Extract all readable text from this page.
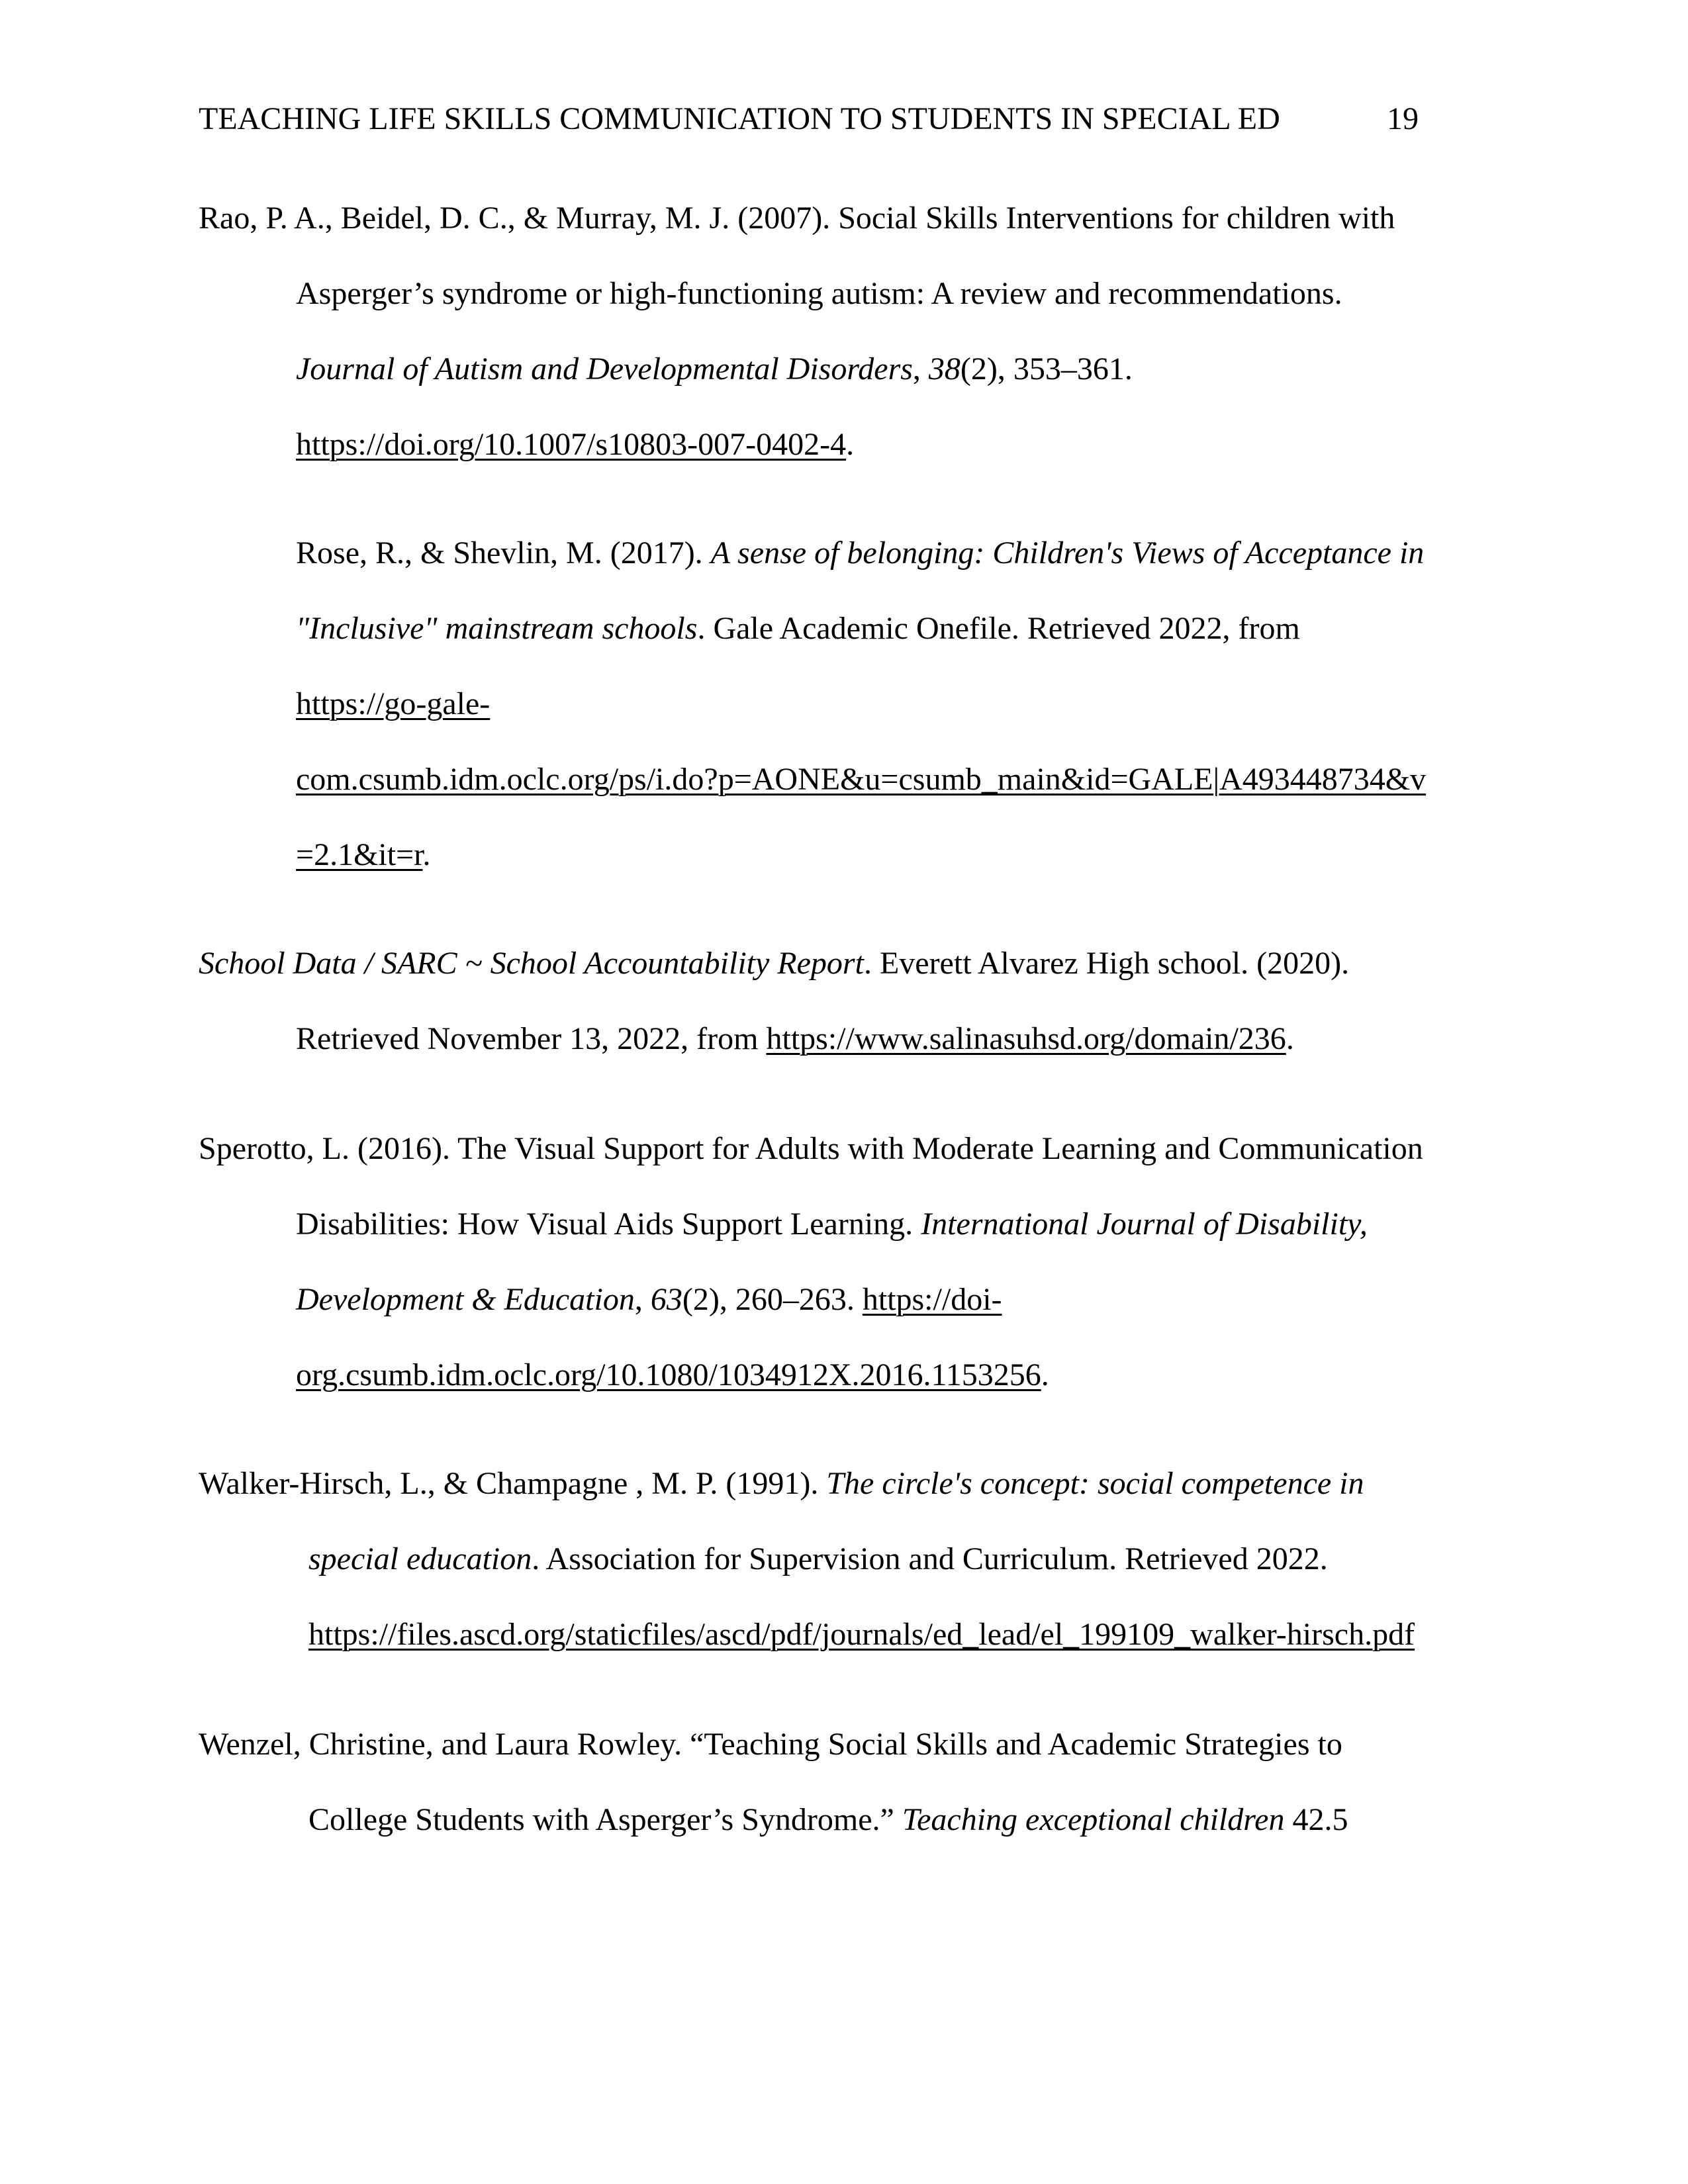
TEACHING LIFE SKILLS COMMUNICATION TO STUDENTS IN SPECIAL ED	19
Rao, P. A., Beidel, D. C., & Murray, M. J. (2007). Social Skills Interventions for children with
Asperger’s syndrome or high-functioning autism: A review and recommendations.
Journal of Autism and Developmental Disorders, 38(2), 353–361.
https://doi.org/10.1007/s10803-007-0402-4.
Rose, R., & Shevlin, M. (2017). A sense of belonging: Children's Views of Acceptance in
"Inclusive" mainstream schools. Gale Academic Onefile. Retrieved 2022, from
https://go-gale-
com.csumb.idm.oclc.org/ps/i.do?p=AONE&u=csumb_main&id=GALE|A493448734&v
=2.1&it=r.
School Data / SARC ~ School Accountability Report. Everett Alvarez High school. (2020).
Retrieved November 13, 2022, from https://www.salinasuhsd.org/domain/236.
Sperotto, L. (2016). The Visual Support for Adults with Moderate Learning and Communication
Disabilities: How Visual Aids Support Learning. International Journal of Disability,
Development & Education, 63(2), 260–263. https://doi-
org.csumb.idm.oclc.org/10.1080/1034912X.2016.1153256.
Walker-Hirsch, L., & Champagne , M. P. (1991). The circle's concept: social competence in
special education. Association for Supervision and Curriculum. Retrieved 2022.
https://files.ascd.org/staticfiles/ascd/pdf/journals/ed_lead/el_199109_walker-hirsch.pdf
Wenzel, Christine, and Laura Rowley. “Teaching Social Skills and Academic Strategies to
College Students with Asperger’s Syndrome.” Teaching exceptional children 42.5
